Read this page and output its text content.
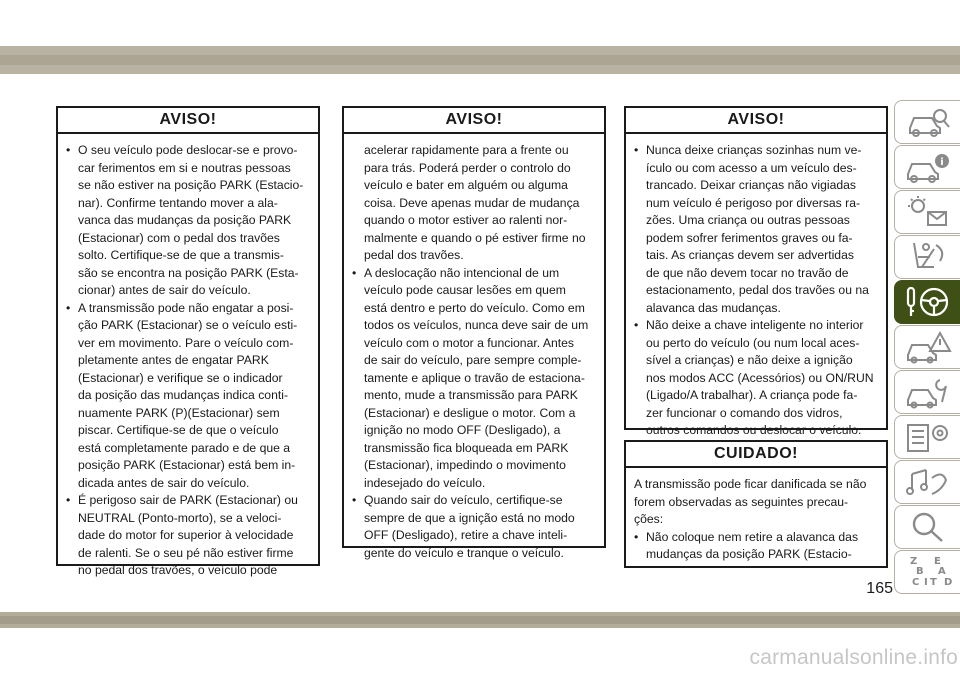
AVISO!
• O seu veículo pode deslocar-se e provo-
car ferimentos em si e noutras pessoas
se não estiver na posição PARK (Estacio-
nar). Confirme tentando mover a ala-
vanca das mudanças da posição PARK
(Estacionar) com o pedal dos travões
solto. Certifique-se de que a transmis-
são se encontra na posição PARK (Esta-
cionar) antes de sair do veículo.
• A transmissão pode não engatar a posi-
ção PARK (Estacionar) se o veículo esti-
ver em movimento. Pare o veículo com-
pletamente antes de engatar PARK
(Estacionar) e verifique se o indicador
da posição das mudanças indica conti-
nuamente PARK (P)(Estacionar) sem
piscar. Certifique-se de que o veículo
está completamente parado e de que a
posição PARK (Estacionar) está bem in-
dicada antes de sair do veículo.
• É perigoso sair de PARK (Estacionar) ou
NEUTRAL (Ponto-morto), se a veloci-
dade do motor for superior à velocidade
de ralenti. Se o seu pé não estiver firme
no pedal dos travões, o veículo pode
AVISO!
acelerar rapidamente para a frente ou
para trás. Poderá perder o controlo do
veículo e bater em alguém ou alguma
coisa. Deve apenas mudar de mudança
quando o motor estiver ao ralenti nor-
malmente e quando o pé estiver firme no
pedal dos travões.
• A deslocação não intencional de um
veículo pode causar lesões em quem
está dentro e perto do veículo. Como em
todos os veículos, nunca deve sair de um
veículo com o motor a funcionar. Antes
de sair do veículo, pare sempre comple-
tamente e aplique o travão de estaciona-
mento, mude a transmissão para PARK
(Estacionar) e desligue o motor. Com a
ignição no modo OFF (Desligado), a
transmissão fica bloqueada em PARK
(Estacionar), impedindo o movimento
indesejado do veículo.
• Quando sair do veículo, certifique-se
sempre de que a ignição está no modo
OFF (Desligado), retire a chave inteli-
gente do veículo e tranque o veículo.
AVISO!
• Nunca deixe crianças sozinhas num ve-
ículo ou com acesso a um veículo des-
trancado. Deixar crianças não vigiadas
num veículo é perigoso por diversas ra-
zões. Uma criança ou outras pessoas
podem sofrer ferimentos graves ou fa-
tais. As crianças devem ser advertidas
de que não devem tocar no travão de
estacionamento, pedal dos travões ou na
alavanca das mudanças.
• Não deixe a chave inteligente no interior
ou perto do veículo (ou num local aces-
sível a crianças) e não deixe a ignição
nos modos ACC (Acessórios) ou ON/RUN
(Ligado/A trabalhar). A criança pode fa-
zer funcionar o comando dos vidros,
outros comandos ou deslocar o veículo.
CUIDADO!
A transmissão pode ficar danificada se não
forem observadas as seguintes precau-
ções:
• Não coloque nem retire a alavanca das
mudanças da posição PARK (Estacio-
i
Z E
B A
I
C T D
165
carmanualsonline.info
